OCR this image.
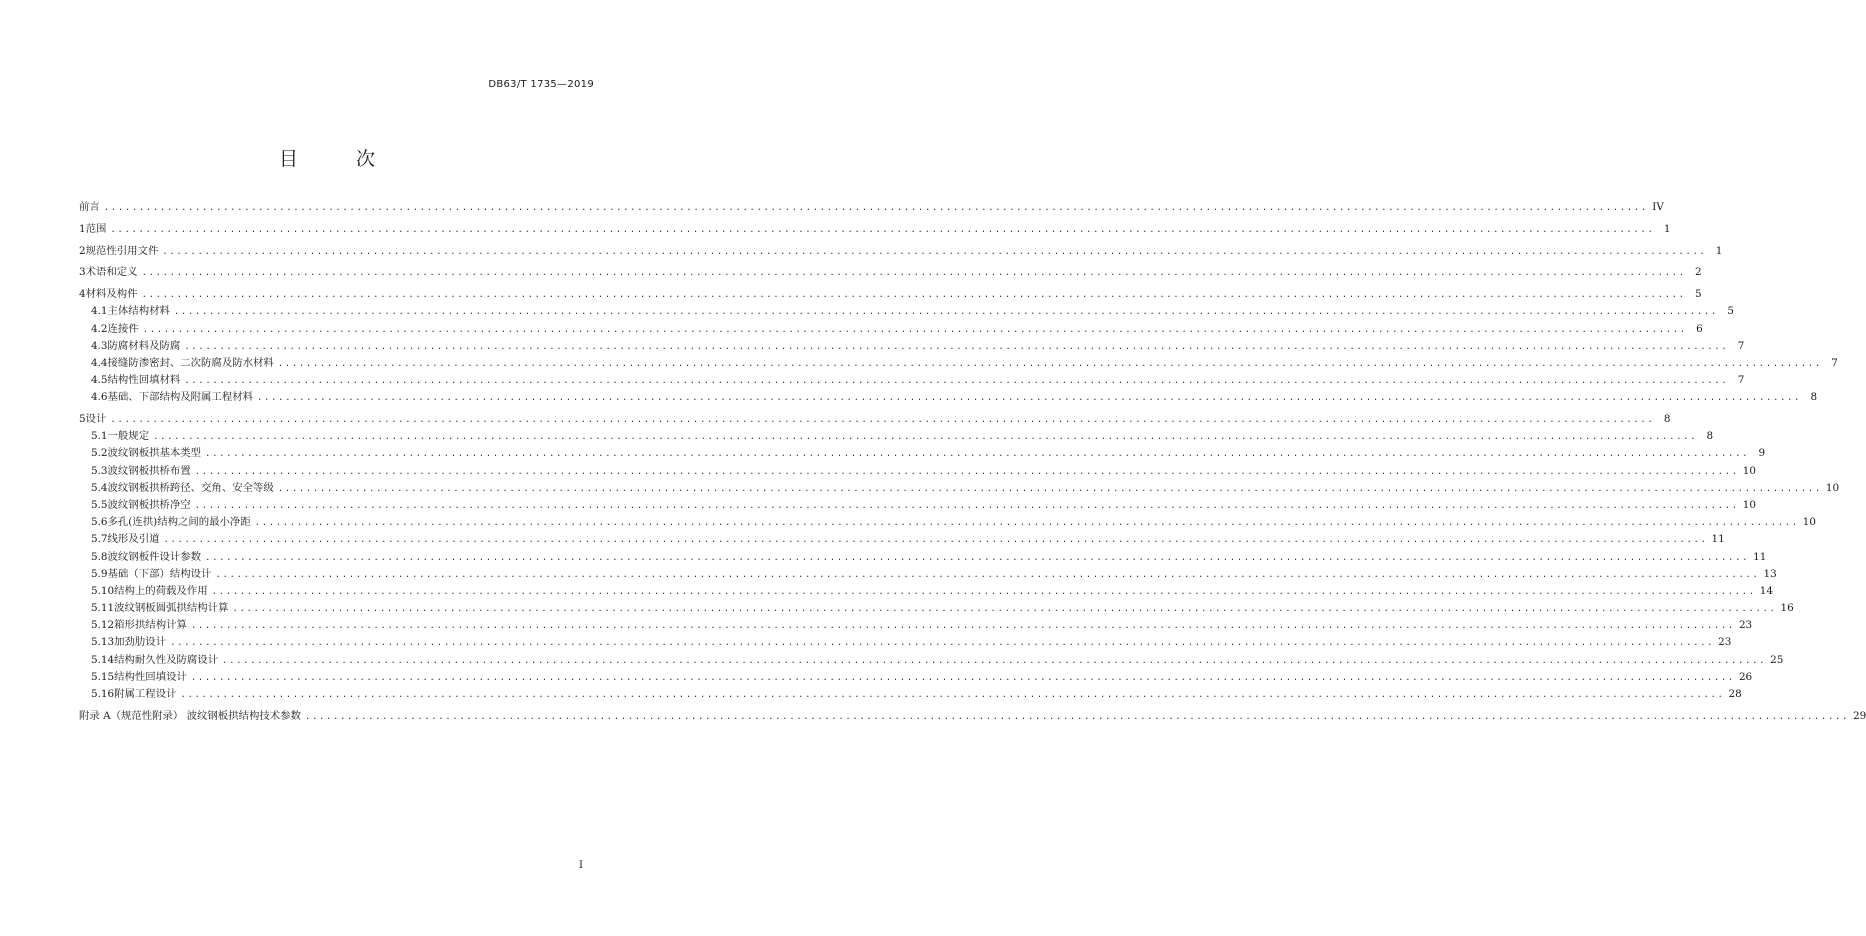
DB63/T 1735—2019
目 次
前言 ............................................................................................................................................................................................................................ IV
1 范围 ............................................................................................................................................................................................................................ 1
2 规范性引用文件 ............................................................................................................................................................................................................................ 1
3 术语和定义 ............................................................................................................................................................................................................................ 2
4 材料及构件 ............................................................................................................................................................................................................................ 5
4.1 主体结构材料 ............................................................................................................................................................................................................................ 5
4.2 连接件 ............................................................................................................................................................................................................................ 6
4.3 防腐材料及防腐 ............................................................................................................................................................................................................................ 7
4.4 接缝防渗密封、二次防腐及防水材料 ............................................................................................................................................................................................................................ 7
4.5 结构性回填材料 ............................................................................................................................................................................................................................ 7
4.6 基础、下部结构及附属工程材料 ............................................................................................................................................................................................................................ 8
5 设计 ............................................................................................................................................................................................................................ 8
5.1 一般规定 ............................................................................................................................................................................................................................ 8
5.2 波纹钢板拱基本类型 ............................................................................................................................................................................................................................ 9
5.3 波纹钢板拱桥布置 ............................................................................................................................................................................................................................ 10
5.4 波纹钢板拱桥跨径、交角、安全等级 ............................................................................................................................................................................................................................ 10
5.5 波纹钢板拱桥净空 ............................................................................................................................................................................................................................ 10
5.6 多孔(连拱)结构之间的最小净距 ............................................................................................................................................................................................................................ 10
5.7 线形及引道 ............................................................................................................................................................................................................................ 11
5.8 波纹钢板件设计参数 ............................................................................................................................................................................................................................ 11
5.9 基础（下部）结构设计 ............................................................................................................................................................................................................................ 13
5.10 结构上的荷载及作用 ............................................................................................................................................................................................................................ 14
5.11 波纹钢板圆弧拱结构计算 ............................................................................................................................................................................................................................ 16
5.12 箱形拱结构计算 ............................................................................................................................................................................................................................ 23
5.13 加劲肋设计 ............................................................................................................................................................................................................................ 23
5.14 结构耐久性及防腐设计 ............................................................................................................................................................................................................................ 25
5.15 结构性回填设计 ............................................................................................................................................................................................................................ 26
5.16 附属工程设计 ............................................................................................................................................................................................................................ 28
附录 A（规范性附录） 波纹钢板拱结构技术参数 ............................................................................................................................................................................................................................ 29
I
